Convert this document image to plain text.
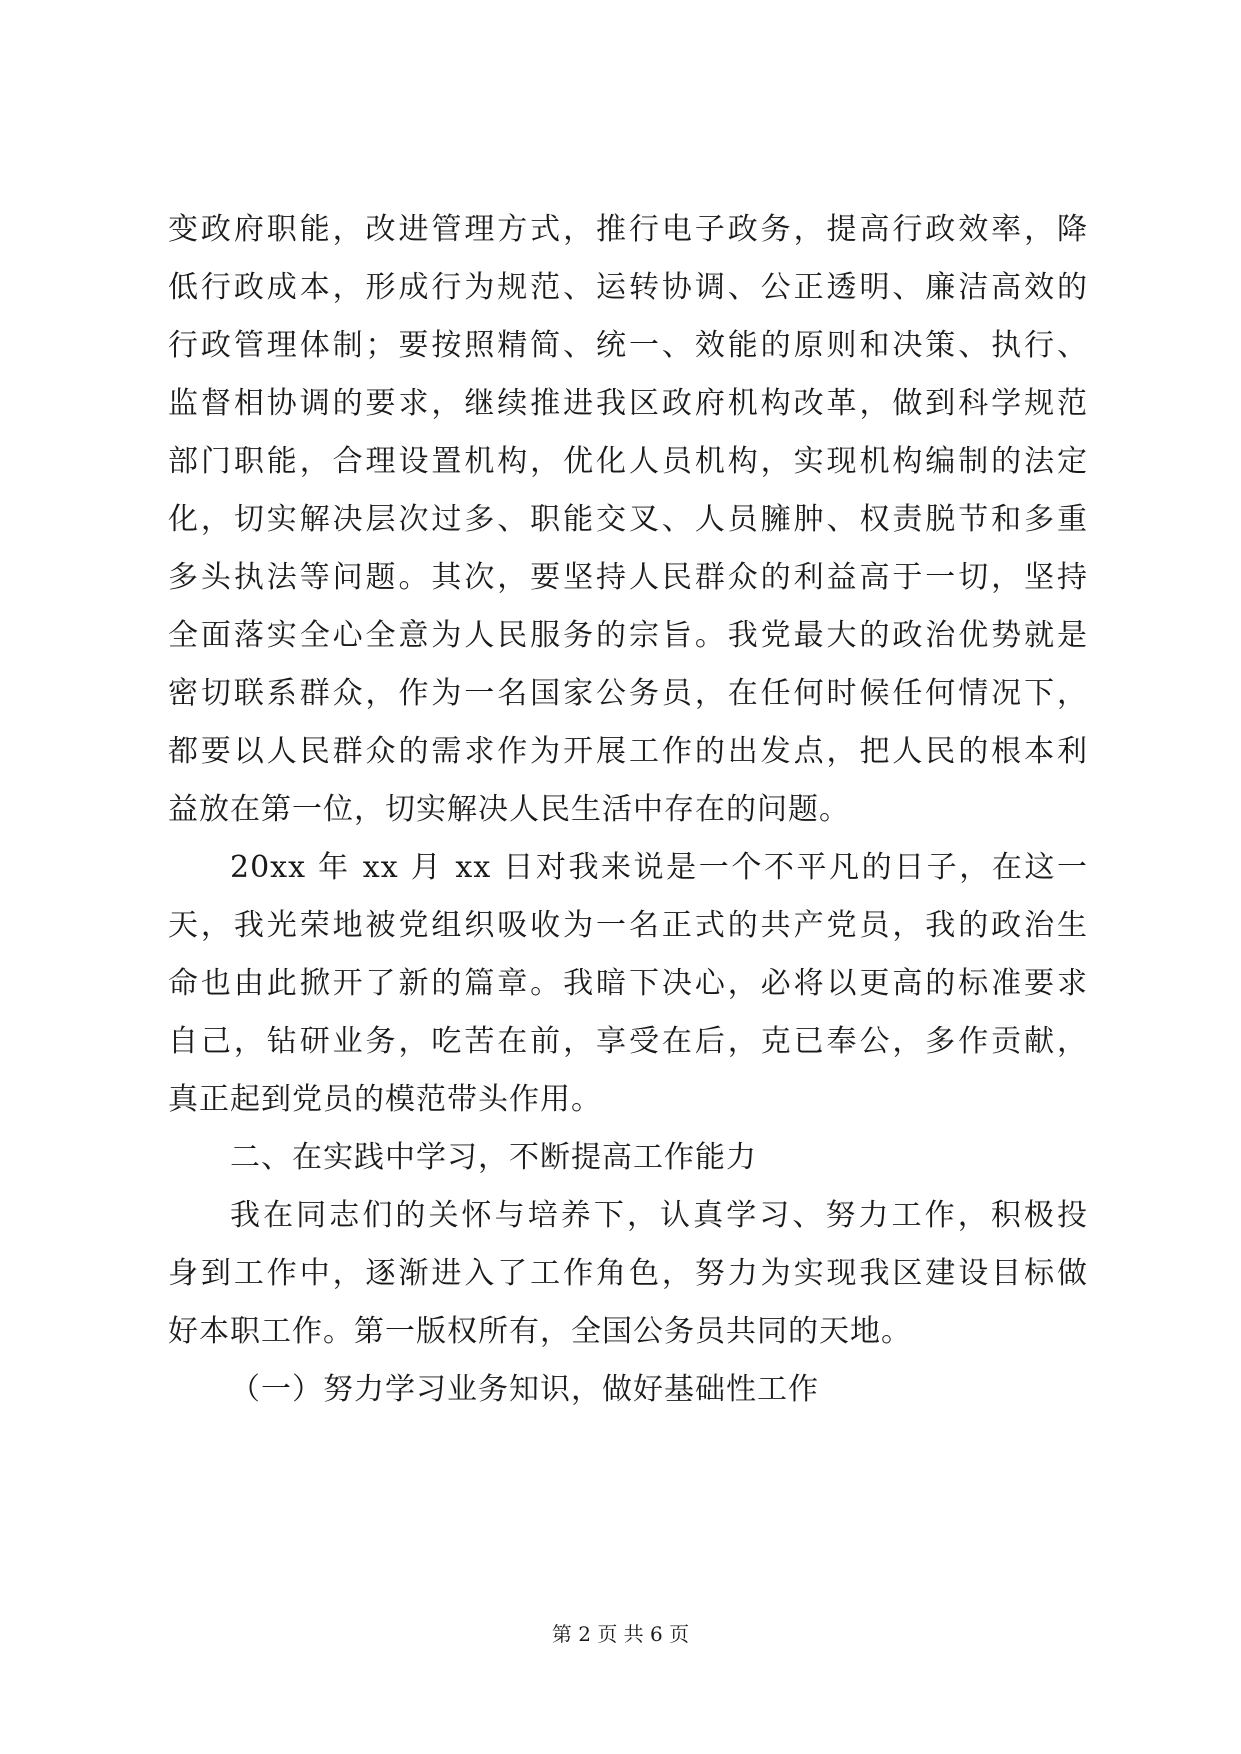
变政府职能，改进管理方式，推行电子政务，提高行政效率，降
低行政成本，形成行为规范、运转协调、公正透明、廉洁高效的
行政管理体制；要按照精简、统一、效能的原则和决策、执行、
监督相协调的要求，继续推进我区政府机构改革，做到科学规范
部门职能，合理设置机构，优化人员机构，实现机构编制的法定
化，切实解决层次过多、职能交叉、人员臃肿、权责脱节和多重
多头执法等问题。其次，要坚持人民群众的利益高于一切，坚持
全面落实全心全意为人民服务的宗旨。我党最大的政治优势就是
密切联系群众，作为一名国家公务员，在任何时候任何情况下，
都要以人民群众的需求作为开展工作的出发点，把人民的根本利
益放在第一位，切实解决人民生活中存在的问题。
20xx 年 xx 月 xx 日对我来说是一个不平凡的日子，在这一
天，我光荣地被党组织吸收为一名正式的共产党员，我的政治生
命也由此掀开了新的篇章。我暗下决心，必将以更高的标准要求
自己，钻研业务，吃苦在前，享受在后，克已奉公，多作贡献，
真正起到党员的模范带头作用。
二、在实践中学习，不断提高工作能力
我在同志们的关怀与培养下，认真学习、努力工作，积极投
身到工作中，逐渐进入了工作角色，努力为实现我区建设目标做
好本职工作。第一版权所有，全国公务员共同的天地。
（一）努力学习业务知识，做好基础性工作
第 2 页 共 6 页
